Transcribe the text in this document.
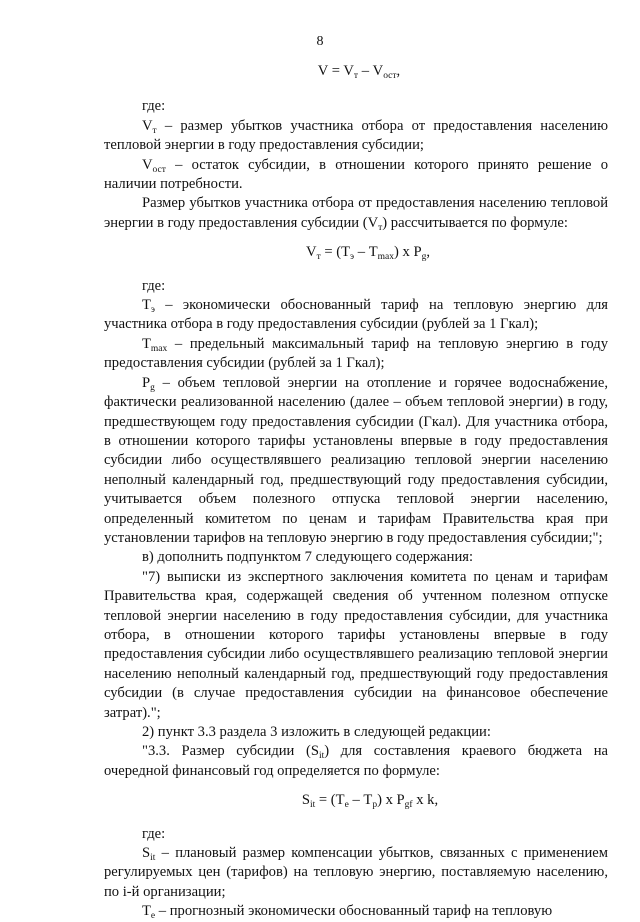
8
$V = V_т - V_{ост}$,

где:

$V_т$ – размер убытков участника отбора от предоставления населению тепловой энергии в году предоставления субсидии;

$V_{ост}$ – остаток субсидии, в отношении которого принято решение о наличии потребности.

Размер убытков участника отбора от предоставления населению тепловой энергии в году предоставления субсидии $(V_т)$ рассчитывается по формуле:

$V_т = (Т_э - Т_{max})$ х $Р_g$,

где:

$Т_э$ – экономически обоснованный тариф на тепловую энергию для участника отбора в году предоставления субсидии (рублей за 1 Гкал);

$Т_{max}$ – предельный максимальный тариф на тепловую энергию в году предоставления субсидии (рублей за 1 Гкал);

$Р_g$ – объем тепловой энергии на отопление и горячее водоснабжение, фактически реализованной населению (далее – объем тепловой энергии) в году, предшествующем году предоставления субсидии (Гкал). Для участника отбора, в отношении которого тарифы установлены впервые в году предоставления субсидии либо осуществлявшего реализацию тепловой энергии населению неполный календарный год, предшествующий году предоставления субсидии, учитывается объем полезного отпуска тепловой энергии населению, определенный комитетом по ценам и тарифам Правительства края при установлении тарифов на тепловую энергию в году предоставления субсидии;";

в) дополнить подпунктом 7 следующего содержания:

"7) выписки из экспертного заключения комитета по ценам и тарифам Правительства края, содержащей сведения об учтенном полезном отпуске тепловой энергии населению в году предоставления субсидии, для участника отбора, в отношении которого тарифы установлены впервые в году предоставления субсидии либо осуществлявшего реализацию тепловой энергии населению неполный календарный год, предшествующий году предоставления субсидии (в случае предоставления субсидии на финансовое обеспечение затрат).";

2) пункт 3.3 раздела 3 изложить в следующей редакции:

"3.3. Размер субсидии $(S_{it})$ для составления краевого бюджета на очередной финансовый год определяется по формуле:

$S_{it} = (Т_e - Т_p)$ х $Р_{gf}$ х k,

где:

$S_{it}$ – плановый размер компенсации убытков, связанных с применением регулируемых цен (тарифов) на тепловую энергию, поставляемую населению, по i-й организации;

$Т_e$ – прогнозный экономически обоснованный тариф на тепловую
